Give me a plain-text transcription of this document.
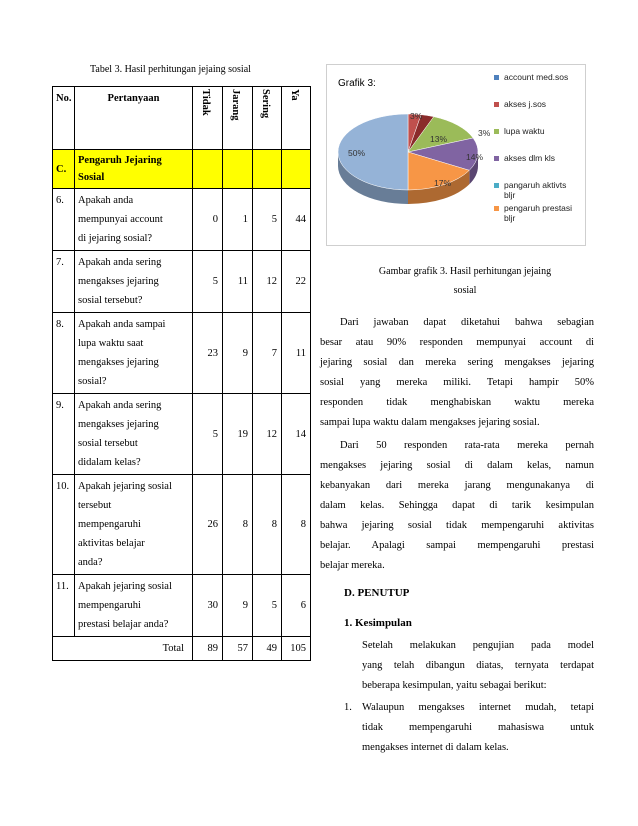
Tabel 3. Hasil perhitungan jejaing sosial
No.	Pertanyaan	Tidak	Jarang	Sering	Ya
C.	Pengaruh Jejaring
Sosial				

6.	Apakah anda
mempunyai account
di jejaring sosial?	0	1	5	44
7.	Apakah anda sering
mengakses jejaring
sosial tersebut?	5	11	12	22
8.	Apakah anda sampai
lupa waktu saat
mengakses jejaring
sosial?	23	9	7	11
9.	Apakah anda sering
mengakses jejaring
sosial tersebut
didalam kelas?	5	19	12	14
10.	Apakah jejaring sosial
tersebut
mempengaruhi
aktivitas belajar
anda?	26	8	8	8
11.	Apakah jejaring sosial
mempengaruhi
prestasi belajar anda?	30	9	5	6
Total		89	57	49	105
Grafik 3:
3%
3%
13%
14%
17%
50%
account med.sos
akses j.sos
lupa waktu
akses dlm kls
pangaruh aktivts bljr
pengaruh prestasi bljr
Gambar grafik 3. Hasil perhitungan jejaing
sosial
Dari jawaban dapat diketahui bahwa sebagian
besar atau 90% responden mempunyai account di
jejaring sosial dan mereka sering mengakses jejaring
sosial yang mereka miliki. Tetapi hampir 50%
responden tidak menghabiskan waktu mereka
sampai lupa waktu dalam mengakses jejaring sosial.
Dari 50 responden rata-rata mereka pernah
mengakses jejaring sosial di dalam kelas, namun
kebanyakan dari mereka jarang mengunakanya di
dalam kelas. Sehingga dapat di tarik kesimpulan
bahwa jejaring sosial tidak mempengaruhi aktivitas
belajar. Apalagi sampai mempengaruhi prestasi
belajar mereka.
D. PENUTUP
1. Kesimpulan
Setelah melakukan pengujian pada model
yang telah dibangun diatas, ternyata terdapat
beberapa kesimpulan, yaitu sebagai berikut:
1. Walaupun mengakses internet mudah, tetapi
tidak mempengaruhi mahasiswa untuk
mengakses internet di dalam kelas.
